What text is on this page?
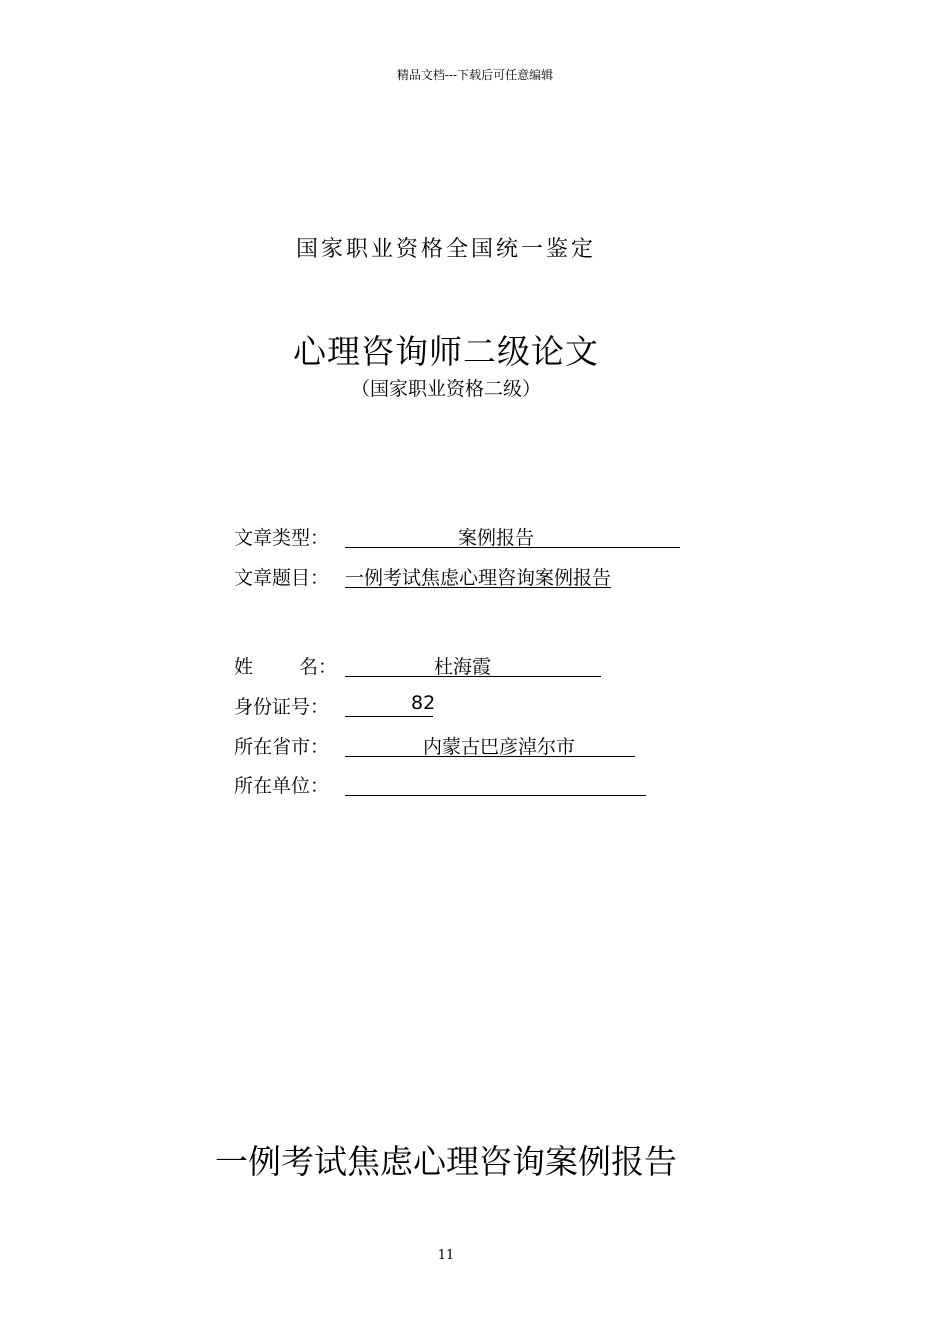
精品文档---下载后可任意编辑
国家职业资格全国统一鉴定
心理咨询师二级论文
（国家职业资格二级）
文章类型：	案例报告
文章题目： 一例考试焦虑心理咨询案例报告
姓 名：	杜海霞
身份证号：	82
所在省市：	内蒙古巴彦淖尔市
所在单位：
一例考试焦虑心理咨询案例报告
11
